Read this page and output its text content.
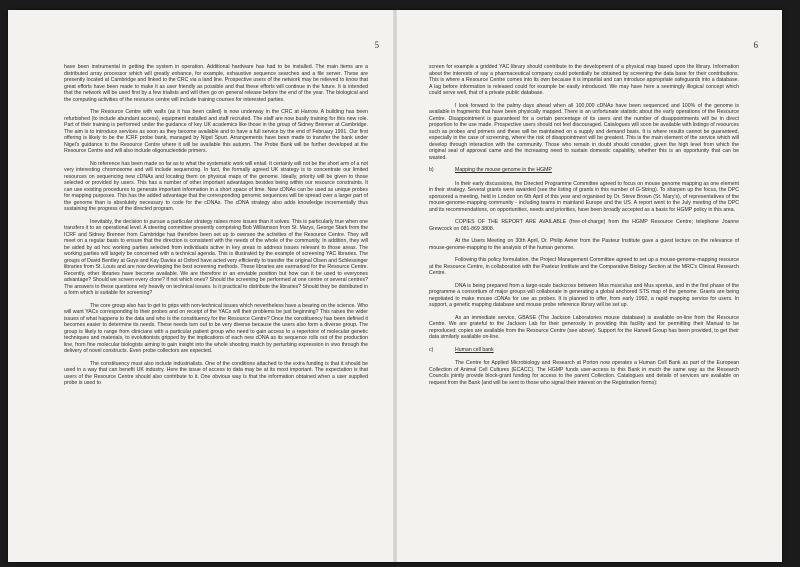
5

have been instrumental in getting the system in operation. Additional hardware has had to be installed. The main items are a distributed array processor which will greatly enhance, for example, exhaustive sequence searches and a file server. These are presently located at Cambridge and linked to the CRC via a land line. Prospective users of the network may be relieved to know that great efforts have been made to make it as user friendly as possible and that these efforts will continue in the future. It is intended that the network will be used first by a few trialists and will then go on general release before the end of the year. The biological and the computing activities of the resource centre will include training courses for interested parties.

The Resource Centre with walls (as it has been called) is now underway in the CRC at Harrow. A building has been refurbished (to include abundant access), equipment installed and staff recruited. The staff are now busily training for this new role. Part of their training is performed under the guidance of key UK academics like those in the group of Sidney Brenner at Cambridge. The aim is to introduce services as soon as they become available and to have a full service by the end of February 1991. Our first offering is likely to be the ICRF probe bank, managed by Nigel Spurr. Arrangements have been made to transfer the bank under Nigel's guidance to the Resource Centre where it will be available this autumn. The Probe Bank will be further developed at the Resource Centre and will also include oligonucleotide primers.

No reference has been made so far as to what the systematic work will entail. It certainly will not be the short arm of a not very interesting chromosome and will include sequencing. In fact, the formally agreed UK strategy is to concentrate our limited resources on sequencing new cDNAs and locating them on physical maps of the genome. Ideally, priority will be given to those selected or provided by users. This has a number of other important advantages besides being within our resource constraints. It can use existing procedures to generate important information in a short space of time. New cDNAs can be used as unique probes for mapping purposes. This has the added advantage that the corresponding genomic sequences will be spread over a larger part of the genome than is absolutely necessary to code for the cDNAs. The cDNA strategy also adds knowledge incrementally thus sustaining the progress of the directed program.

Inevitably, the decision to pursue a particular strategy raises more issues than it solves. This is particularly true when one transfers it to an operational level. A steering committee presently comprising Bob Williamson from St. Marys, George Stark from the ICRF and Sidney Brenner from Cambridge has therefore been set up to oversee the activities of the Resource Centre. They will meet on a regular basis to ensure that the direction is consistent with the needs of the whole of the community. In addition, they will be aided by ad hoc working parties selected from individuals active in key areas to address issues relevant to those areas. The working parties will largely be concerned with a technical agenda. This is illustrated by the example of screening YAC libraries. The groups of David Bentley at Guys and Kay Davies at Oxford have acted very efficiently to transfer the original Olsen and Schlessinger libraries from St. Louis and are now developing the best screening methods. These libraries are earmarked for the Resource Centre. Recently, other libraries have become available. We are therefore in an enviable position but how can it be used to everyones advantage? Should we screen every clone? If not which ones? Should the screening be performed at one centre or several centres? The answers to these questions rely heavily on technical issues. Is it practical to distribute the libraries? Should they be distributed in a form which is suitable for screening?

The core group also has to get to grips with non-technical issues which nevertheless have a bearing on the science. Who will want YACs corresponding to their probes and on receipt of the YACs will their problems be just beginning? This raises the wider issues of what happens to the data and who is the constituency for the Resource Centre? Once the constituency has been defined it becomes easier to determine its needs. These needs turn out to be very diverse because the users also form a diverse group. The group is likely to range from clinicians with a particular patient group who need to gain access to a repertoire of molecular genetic techniques and materials, to evolutionists gripped by the implications of each new cDNA as its sequence rolls out of the production line, from fine molecular biologists aiming to gain insight into the whole shooting match by perturbing expression in vivo through the delivery of novel constructs. Even probe collectors are expected.

The constituency must also include industrialists. One of the conditions attached to the extra funding is that it should be used in a way that can benefit UK industry. Here the issue of access to data may be at its most important. The expectation is that users of the Resource Centre should also contribute to it. One obvious way is that the information obtained when a user supplied probe is used to

6

screen for example a gridded YAC library should contribute to the development of a physical map based upon the library. Information about the interests of say a pharmaceutical company could potentially be obtained by screening the data base for their contributions. This is where a Resource Centre comes into its own because it is impartial and can introduce appropriate safeguards into a database. A lag before information is released could for example be easily introduced. We may have here a seemingly illogical concept which could serve well, that of a private public database.

I look forward to the palmy days ahead when all 100,000 cDNAs have been sequenced and 100% of the genome is available in fragments that have been physically mapped. There is an unfortunate statistic about the early operations of the Resource Centre. Disappointment is guaranteed for a certain percentage of its users and the number of disappointments will be in direct proportion to the use made. Prospective users should not feel discouraged. Catalogues will soon be available with listings of resources such as probes and primers and these will be maintained on a supply and demand basis. It is where results cannot be guaranteed, especially in the case of screening, where the risk of disappointment will be greatest. This is the main element of the service which will develop through interaction with the community. Those who remain in doubt should consider, given the high level from which the original seal of approval came and the increasing need to sustain domestic capability, whether this is an opportunity that can be wasted.

b)	Mapping the mouse genome in the HGMP

In their early discussions, the Directed Programme Committee agreed to focus on mouse genome mapping as one element in their strategy. Several grants were awarded (see the listing of grants in this number of G-String). To sharpen up the focus, the DPC sponsored a meeting, held in London on 6th April of this year and organised by Dr. Steve Brown (St. Mary's), of representatives of the mouse-genome-mapping community - including teams in mainland Europe and the US. A report went to the July meeting of the DPC and its recommendations, on opportunities, needs and priorities, have been broadly accepted as a basis for HGMP policy in this area.

COPIES OF THE REPORT ARE AVAILABLE (free-of-charge) from the HGMP Resource Centre; telephone Joanne Grewcock on 081-869 3808.

At the Users Meeting on 30th April, Dr. Philip Avner from the Pasteur Institute gave a guest lecture on the relevance of mouse-genome-mapping to the analysis of the human genome.

Following this policy formulation, the Project Management Committee agreed to set up a mouse-genome-mapping resource at the Resource Centre, in collaboration with the Pasteur Institute and the Comparative Biology Section at the MRC's Clinical Research Centre.

DNA is being prepared from a large-scale backcross between Mus musculus and Mus spretus, and in the first phase of the programme a consortium of major groups will collaborate in generating a global anchored STS map of the genome. Grants are being negotiated to make mouse cDNAs for use as probes. It is planned to offer, from early 1992, a rapid mapping service for users. In support, a genetic mapping database and mouse probe reference library will be set up.

As an immediate service, GBASE (The Jackson Laboratories mouse database) is available on-line from the Resource Centre. We are grateful to the Jackson Lab for their generosity in providing this facility and for permitting their Manual to be reproduced: copies are available from the Resource Centre (see above). Support for the Harwell Group has been provided, to get their data similarly available on-line.

c)	Human cell bank

The Centre for Applied Microbiology and Research at Porton now operates a Human Cell Bank as part of the European Collection of Animal Cell Cultures (ECACC). The HGMP funds user-access to this Bank in much the same way as the Research Councils jointly provide block-grant funding for access to the parent Collection. Catalogues and details of services are available on request from the Bank (and will be sent to those who signal their interest on the Registration forms):
